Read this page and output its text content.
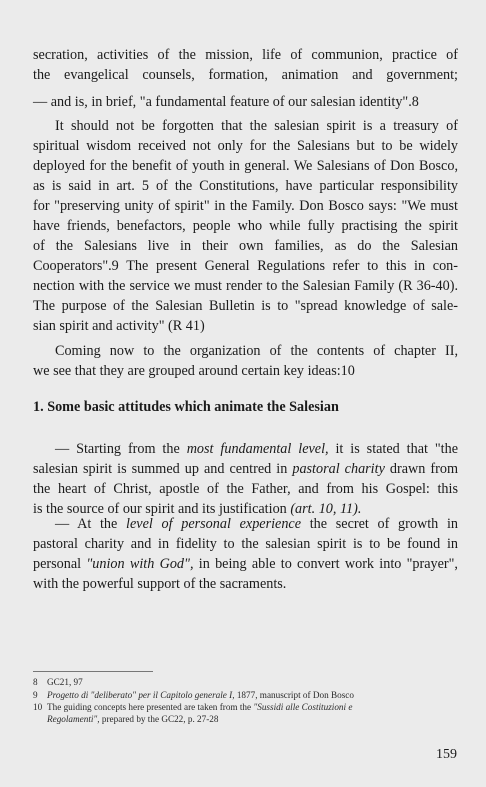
secration, activities of the mission, life of communion, practice of
the evangelical counsels, formation, animation and government;
— and is, in brief, "a fundamental feature of our salesian identity".8
It should not be forgotten that the salesian spirit is a treasury of
spiritual wisdom received not only for the Salesians but to be widely
deployed for the benefit of youth in general. We Salesians of Don Bosco,
as is said in art. 5 of the Constitutions, have particular responsibility
for "preserving unity of spirit" in the Family. Don Bosco says: "We must
have friends, benefactors, people who while fully practising the spirit
of the Salesians live in their own families, as do the Salesian
Cooperators".9 The present General Regulations refer to this in con-
nection with the service we must render to the Salesian Family (R 36-40).
The purpose of the Salesian Bulletin is to "spread knowledge of sale-
sian spirit and activity" (R 41)
Coming now to the organization of the contents of chapter II,
we see that they are grouped around certain key ideas:10
1. Some basic attitudes which animate the Salesian
— Starting from the most fundamental level, it is stated that "the
salesian spirit is summed up and centred in pastoral charity drawn from
the heart of Christ, apostle of the Father, and from his Gospel: this
is the source of our spirit and its justification (art. 10, 11).
— At the level of personal experience the secret of growth in
pastoral charity and in fidelity to the salesian spirit is to be found in
personal "union with God", in being able to convert work into "prayer",
with the powerful support of the sacraments.
8 GC21, 97
9 Progetto di "deliberato" per il Capitolo generale I, 1877, manuscript of Don Bosco
10 The guiding concepts here presented are taken from the "Sussidi alle Costituzioni e
Regolamenti", prepared by the GC22, p. 27-28
159
